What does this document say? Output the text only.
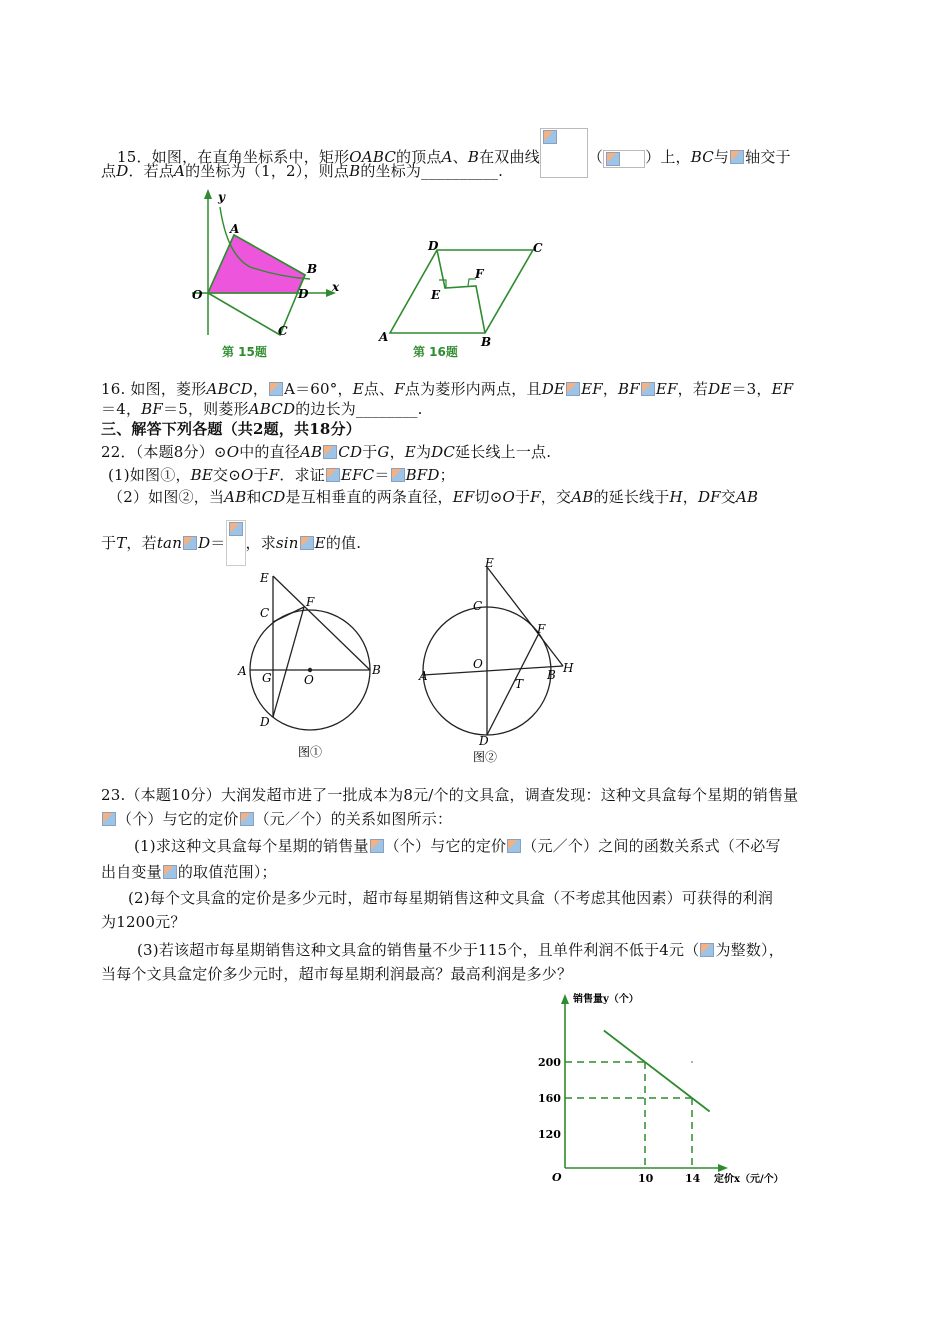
15．如图，在直角坐标系中，矩形OABC的顶点A、B在双曲线	（	）上，BC与 轴交于
点D．若点A的坐标为（1，2），则点B的坐标为__________.
y
x
O
A
B
D
C
第 15题
A	B
C
D
E
F
第 16题
16. 如图，菱形ABCD， A＝60°，E点、F点为菱形内两点，且DE EF，BF EF，若DE＝3，EF
＝4，BF＝5，则菱形ABCD的边长为________.
三、解答下列各题（共2题，共18分）
22．（本题8分）⊙O中的直径AB CD于G，E为DC延长线上一点.
(1)如图①，BE交⊙O于F．求证 EFC＝ BFD；
（2）如图②，当AB和CD是互相垂直的两条直径，EF切⊙O于F，交AB的延长线于H，DF交AB
于T，若tan D＝ ，求sin E的值.
E
C
F
A G	O
B
D
图①
E
C
F
O
A
T
B H
D
图②
23.（本题10分）大润发超市进了一批成本为8元/个的文具盒，调查发现：这种文具盒每个星期的销售量
（个）与它的定价 （元／个）的关系如图所示：
(1)求这种文具盒每个星期的销售量 （个）与它的定价 （元／个）之间的函数关系式（不必写
出自变量 的取值范围）；
(2)每个文具盒的定价是多少元时，超市每星期销售这种文具盒（不考虑其他因素）可获得的利润
为1200元？
(3)若该超市每星期销售这种文具盒的销售量不少于115个，且单件利润不低于4元（ 为整数），
当每个文具盒定价多少元时，超市每星期利润最高？最高利润是多少？
销售量y（个）
定价x（元/个）
O
200
160
120
10	14
